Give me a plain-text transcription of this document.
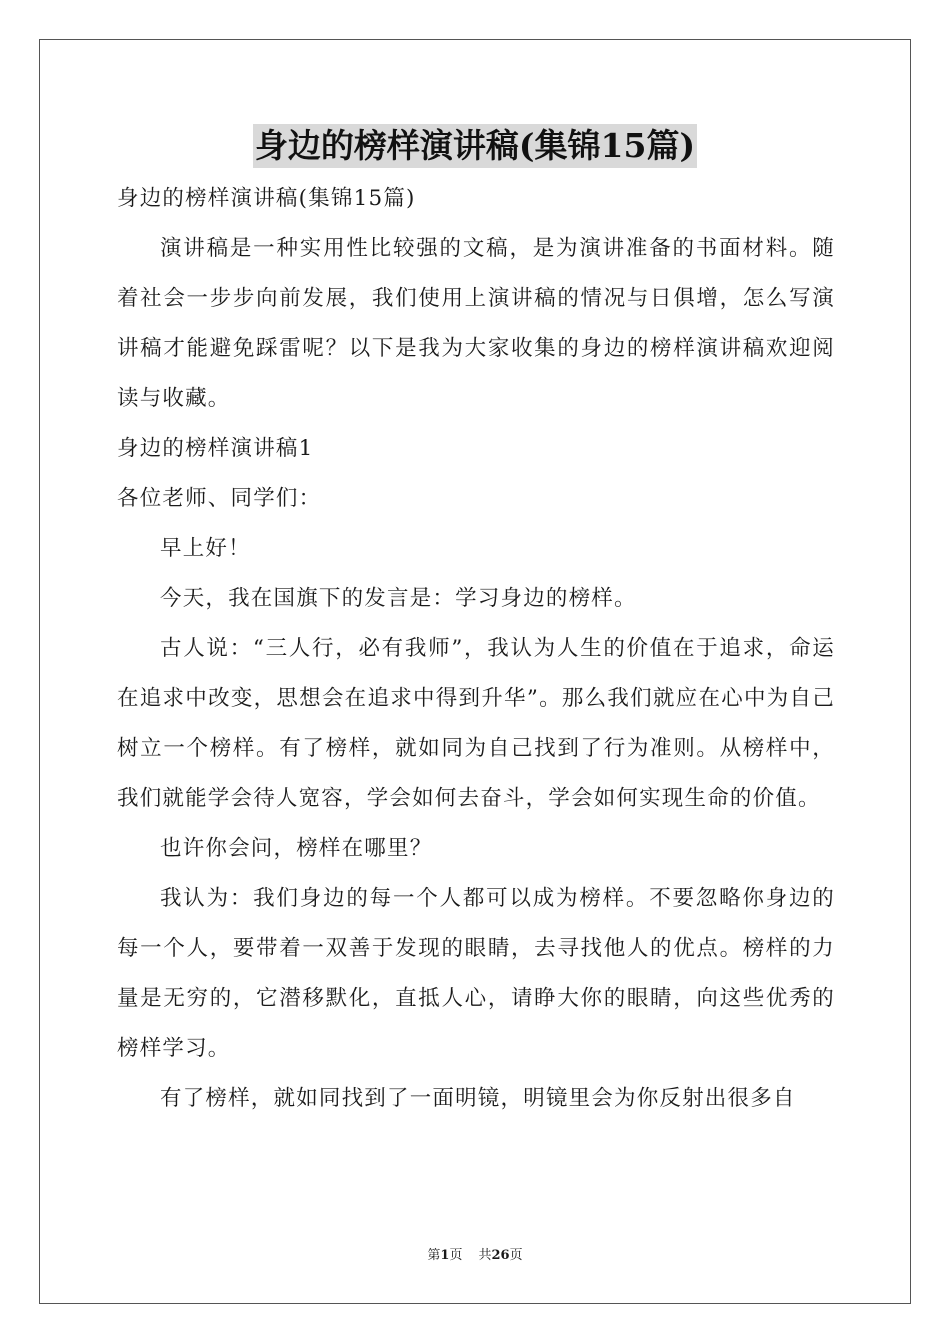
身边的榜样演讲稿(集锦15篇)

身边的榜样演讲稿(集锦15篇)

演讲稿是一种实用性比较强的文稿，是为演讲准备的书面材料。随着社会一步步向前发展，我们使用上演讲稿的情况与日俱增，怎么写演讲稿才能避免踩雷呢？以下是我为大家收集的身边的榜样演讲稿欢迎阅读与收藏。

身边的榜样演讲稿1

各位老师、同学们：

早上好！

今天，我在国旗下的发言是：学习身边的榜样。

古人说：“三人行，必有我师”，我认为人生的价值在于追求，命运在追求中改变，思想会在追求中得到升华”。那么我们就应在心中为自己树立一个榜样。有了榜样，就如同为自己找到了行为准则。从榜样中，我们就能学会待人宽容，学会如何去奋斗，学会如何实现生命的价值。

也许你会问，榜样在哪里？

我认为：我们身边的每一个人都可以成为榜样。不要忽略你身边的每一个人，要带着一双善于发现的眼睛，去寻找他人的优点。榜样的力量是无穷的，它潜移默化，直抵人心，请睁大你的眼睛，向这些优秀的榜样学习。

有了榜样，就如同找到了一面明镜，明镜里会为你反射出很多自

第1页 共26页
